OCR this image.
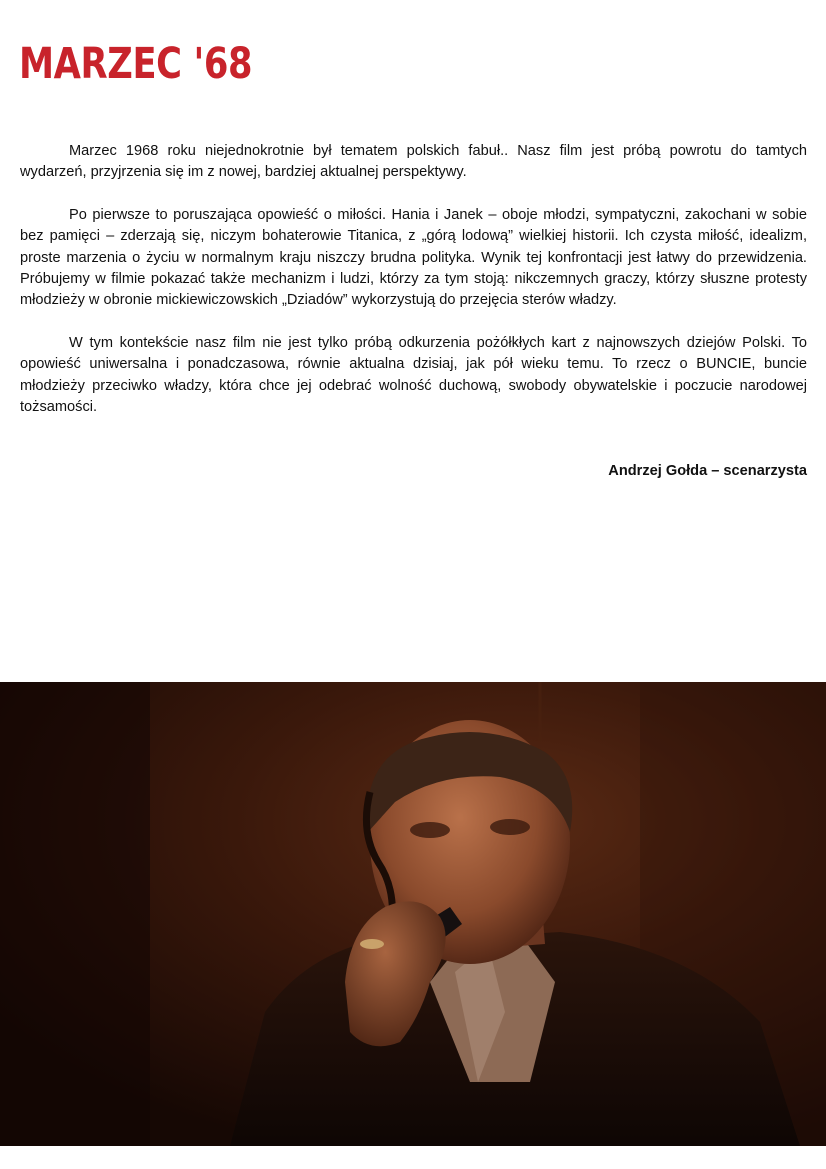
MARZEC '68

Marzec 1968 roku niejednokrotnie był tematem polskich fabuł.. Nasz film jest próbą powrotu do tamtych wydarzeń, przyjrzenia się im z nowej, bardziej aktualnej perspektywy.

Po pierwsze to poruszająca opowieść o miłości. Hania i Janek – oboje młodzi, sympatyczni, zakochani w sobie bez pamięci – zderzają się, niczym bohaterowie Titanica, z „górą lodową” wielkiej historii. Ich czysta miłość, idealizm, proste marzenia o życiu w normalnym kraju niszczy brudna polityka. Wynik tej konfrontacji jest łatwy do przewidzenia. Próbujemy w filmie pokazać także mechanizm i ludzi, którzy za tym stoją: nikczemnych graczy, którzy słuszne protesty młodzieży w obronie mickiewiczowskich „Dziadów” wykorzystują do przejęcia sterów władzy.

W tym kontekście nasz film nie jest tylko próbą odkurzenia pożółkłych kart z najnowszych dziejów Polski. To opowieść uniwersalna i ponadczasowa, równie aktualna dzisiaj, jak pół wieku temu. To rzecz o BUNCIE, buncie młodzieży przeciwko władzy, która chce jej odebrać wolność duchową, swobody obywatelskie i poczucie narodowej tożsamości.

Andrzej Gołda – scenarzysta
